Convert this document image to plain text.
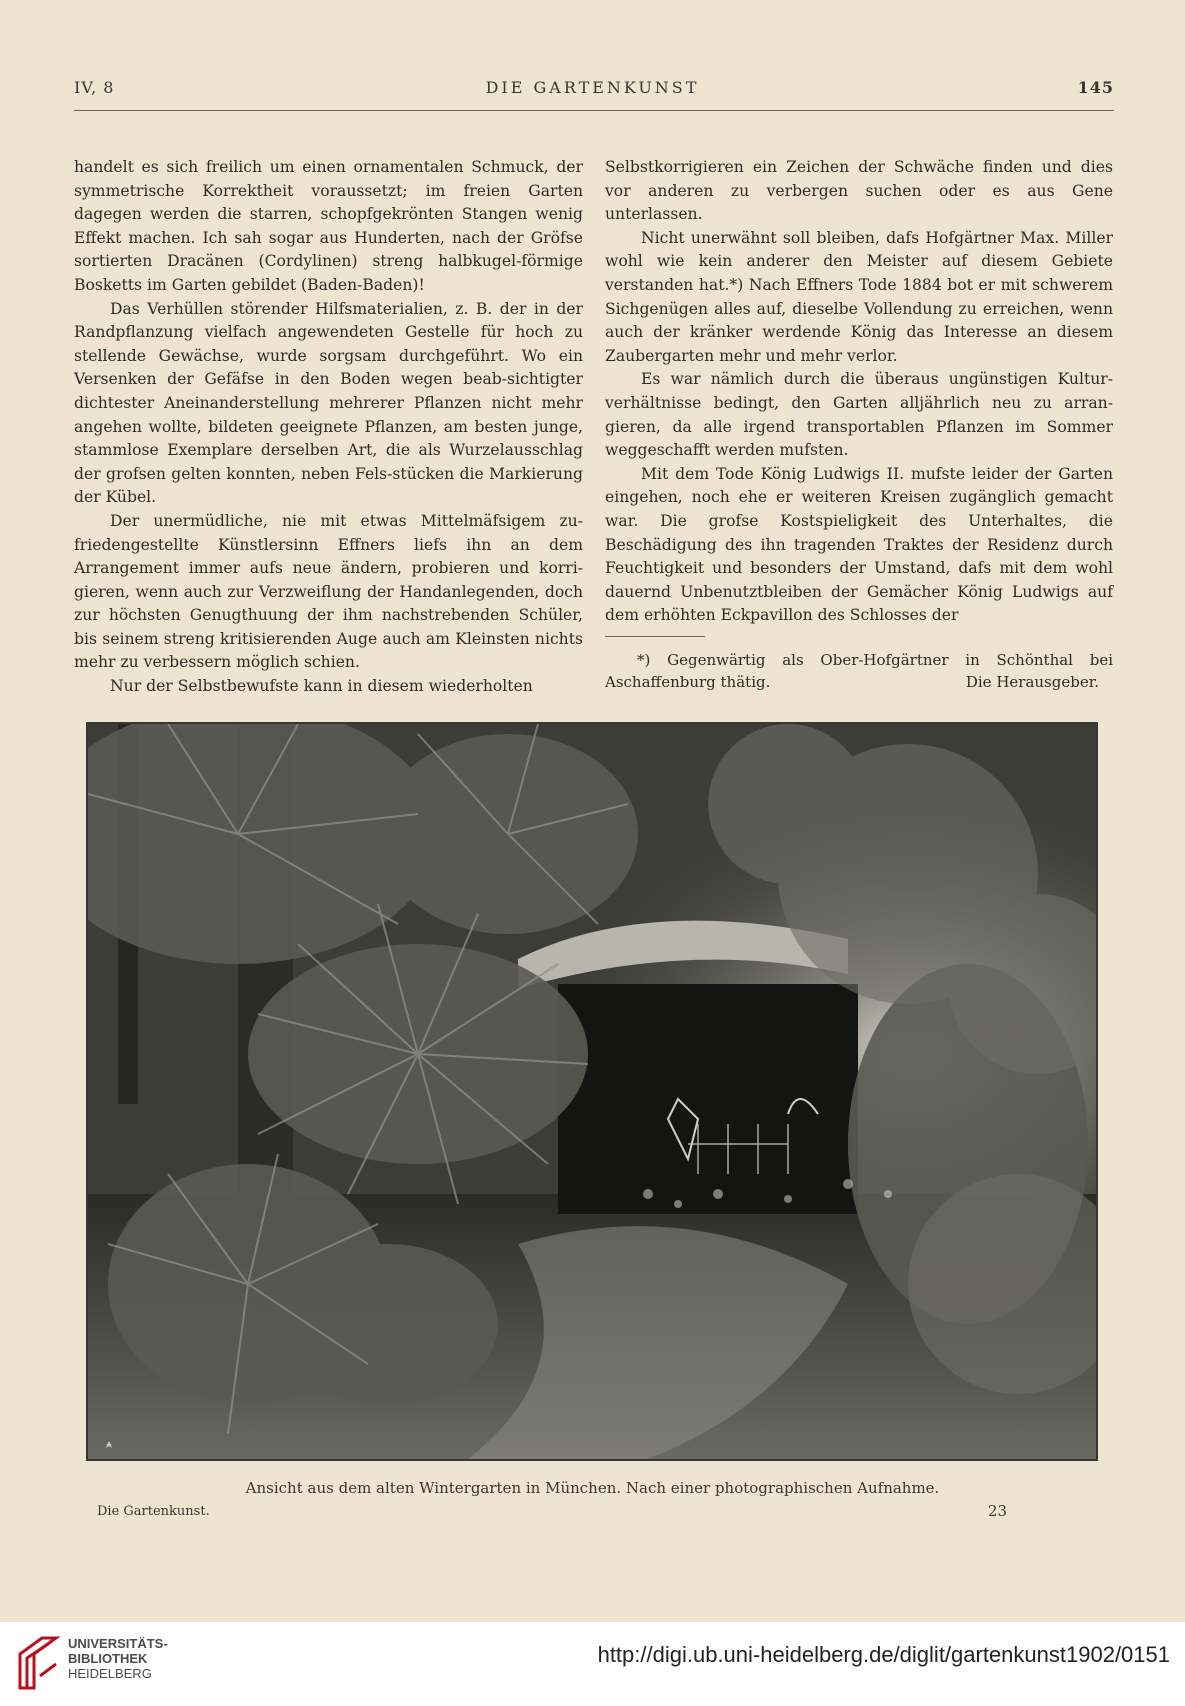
IV, 8	DIE GARTENKUNST	145

handelt es sich freilich um einen ornamentalen Schmuck, der symmetrische Korrektheit voraussetzt; im freien Garten dagegen werden die starren, schopfgekrönten Stangen wenig Effekt machen. Ich sah sogar aus Hunderten, nach der Gröfse sortierten Dracänen (Cordylinen) streng halbkugel-förmige Bosketts im Garten gebildet (Baden-Baden)!

Das Verhüllen störender Hilfsmaterialien, z. B. der in der Randpflanzung vielfach angewendeten Gestelle für hoch zu stellende Gewächse, wurde sorgsam durchgeführt. Wo ein Versenken der Gefäfse in den Boden wegen beab-sichtigter dichtester Aneinanderstellung mehrerer Pflanzen nicht mehr angehen wollte, bildeten geeignete Pflanzen, am besten junge, stammlose Exemplare derselben Art, die als Wurzelausschlag der grofsen gelten konnten, neben Fels-stücken die Markierung der Kübel.

Der unermüdliche, nie mit etwas Mittelmäfsigem zu-friedengestellte Künstlersinn Effners liefs ihn an dem Arrangement immer aufs neue ändern, probieren und korri-gieren, wenn auch zur Verzweiflung der Handanlegenden, doch zur höchsten Genugthuung der ihm nachstrebenden Schüler, bis seinem streng kritisierenden Auge auch am Kleinsten nichts mehr zu verbessern möglich schien.

Nur der Selbstbewufste kann in diesem wiederholten

Selbstkorrigieren ein Zeichen der Schwäche finden und dies vor anderen zu verbergen suchen oder es aus Gene unterlassen.

Nicht unerwähnt soll bleiben, dafs Hofgärtner Max. Miller wohl wie kein anderer den Meister auf diesem Gebiete verstanden hat.*) Nach Effners Tode 1884 bot er mit schwerem Sichgenügen alles auf, dieselbe Vollendung zu erreichen, wenn auch der kränker werdende König das Interesse an diesem Zaubergarten mehr und mehr verlor.

Es war nämlich durch die überaus ungünstigen Kultur-verhältnisse bedingt, den Garten alljährlich neu zu arran-gieren, da alle irgend transportablen Pflanzen im Sommer weggeschafft werden mufsten.

Mit dem Tode König Ludwigs II. mufste leider der Garten eingehen, noch ehe er weiteren Kreisen zugänglich gemacht war. Die grofse Kostspieligkeit des Unterhaltes, die Beschädigung des ihn tragenden Traktes der Residenz durch Feuchtigkeit und besonders der Umstand, dafs mit dem wohl dauernd Unbenutztbleiben der Gemächer König Ludwigs auf dem erhöhten Eckpavillon des Schlosses der

*) Gegenwärtig als Ober-Hofgärtner in Schönthal bei Aschaffenburg thätig.	Die Herausgeber.

Ansicht aus dem alten Wintergarten in München. Nach einer photographischen Aufnahme.
Die Gartenkunst.	23
UNIVERSITÄTS-
BIBLIOTHEK
HEIDELBERG
http://digi.ub.uni-heidelberg.de/diglit/gartenkunst1902/0151
